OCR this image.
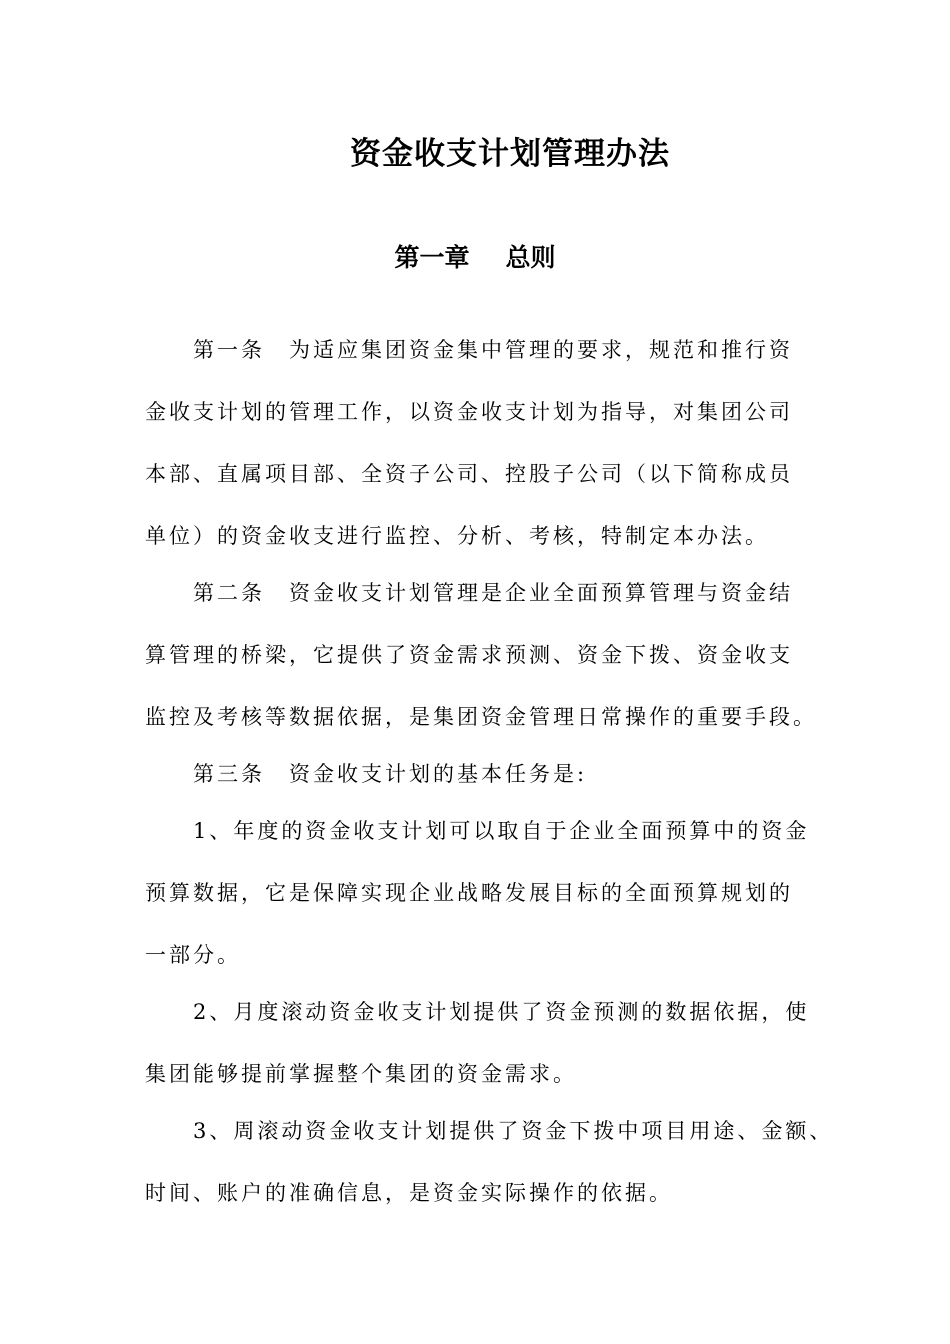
资金收支计划管理办法
第一章 总则
第一条　为适应集团资金集中管理的要求，规范和推行资
金收支计划的管理工作，以资金收支计划为指导，对集团公司
本部、直属项目部、全资子公司、控股子公司（以下简称成员
单位）的资金收支进行监控、分析、考核，特制定本办法。
第二条　资金收支计划管理是企业全面预算管理与资金结
算管理的桥梁，它提供了资金需求预测、资金下拨、资金收支
监控及考核等数据依据，是集团资金管理日常操作的重要手段。
第三条　资金收支计划的基本任务是:
1、年度的资金收支计划可以取自于企业全面预算中的资金
预算数据，它是保障实现企业战略发展目标的全面预算规划的
一部分。
2、月度滚动资金收支计划提供了资金预测的数据依据，使
集团能够提前掌握整个集团的资金需求。
3、周滚动资金收支计划提供了资金下拨中项目用途、金额、
时间、账户的准确信息，是资金实际操作的依据。
